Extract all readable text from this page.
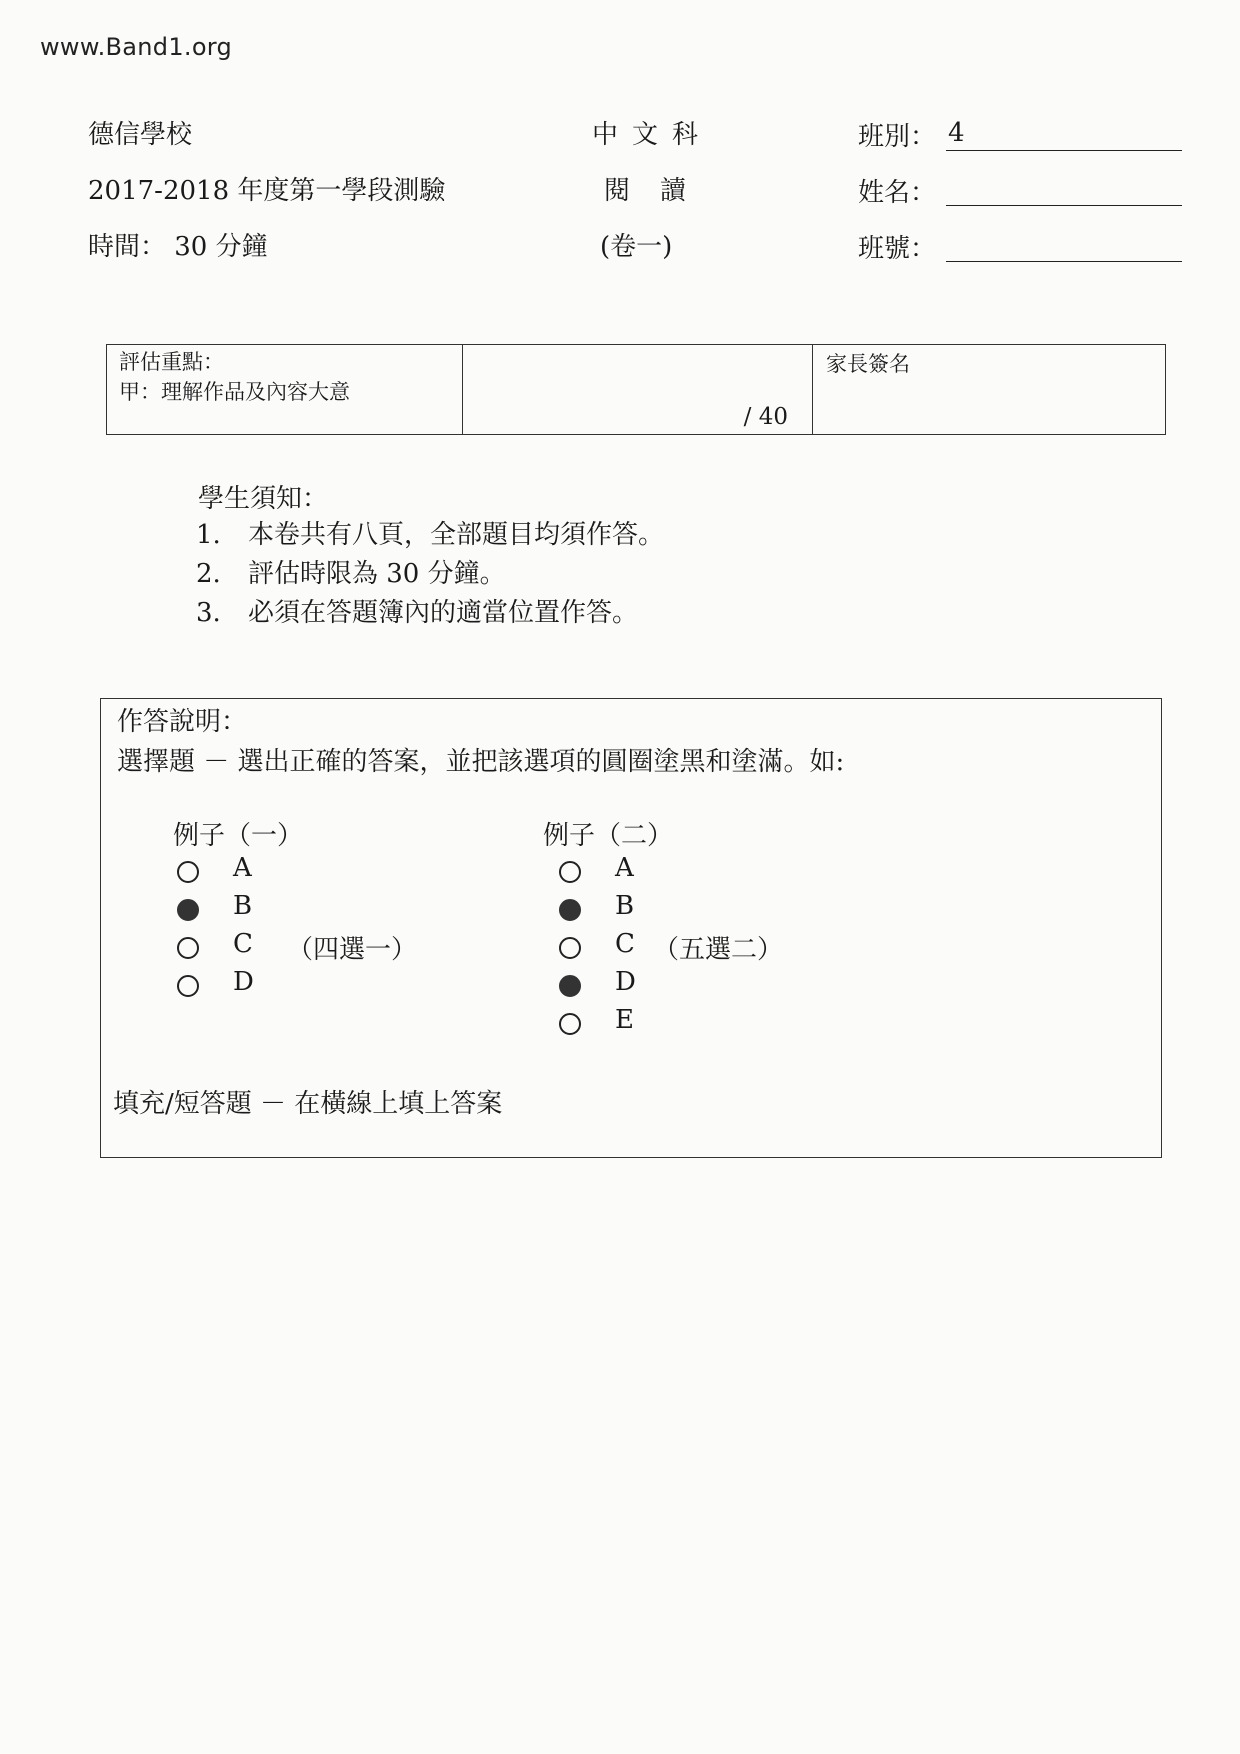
www.Band1.org
德信學校
2017-2018 年度第一學段測驗
時間： 30 分鐘
中文科
閱讀
(卷一)
班別： 4
姓名：
班號：
評估重點：
甲：理解作品及內容大意
/ 40
家長簽名
學生須知：
1. 本卷共有八頁，全部題目均須作答。
2. 評估時限為 30 分鐘。
3. 必須在答題簿內的適當位置作答。
作答說明：
選擇題 － 選出正確的答案，並把該選項的圓圈塗黑和塗滿。如:
例子（一）
A
B
C （四選一）
D
例子（二）
A
B
C （五選二）
D
E
填充/短答題 － 在橫線上填上答案
